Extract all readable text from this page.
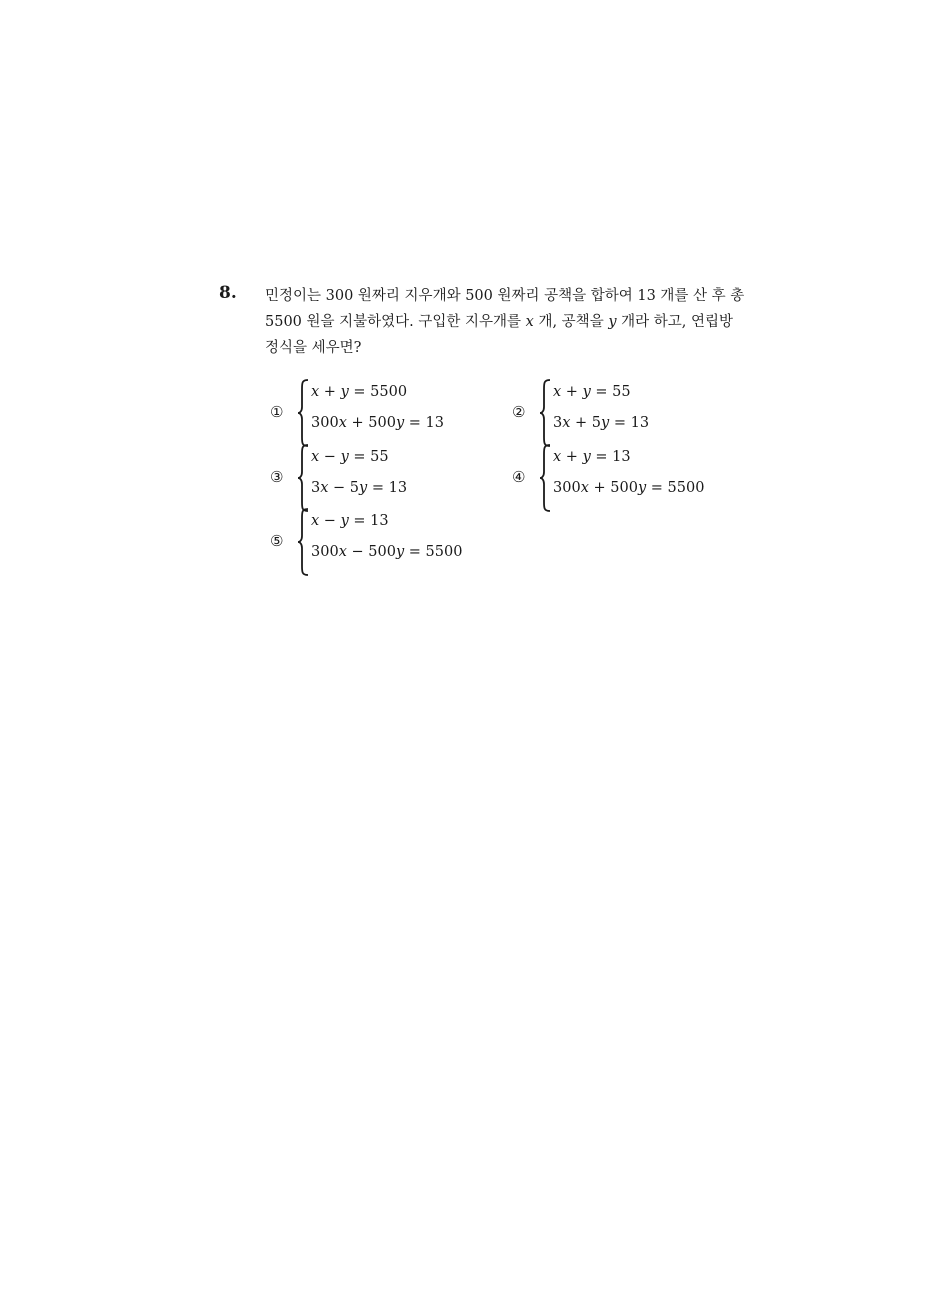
8. 민정이는 300 원짜리 지우개와 500 원짜리 공책을 합하여 13 개를 산 후 총
5500 원을 지불하였다. 구입한 지우개를 x 개, 공책을 y 개라 하고, 연립방
정식을 세우면?

①
x + y = 5500
300x + 500y = 13
②
x + y = 55
3x + 5y = 13
③
x − y = 55
3x − 5y = 13
④
x + y = 13
300x + 500y = 5500
⑤
x − y = 13
300x − 500y = 5500
